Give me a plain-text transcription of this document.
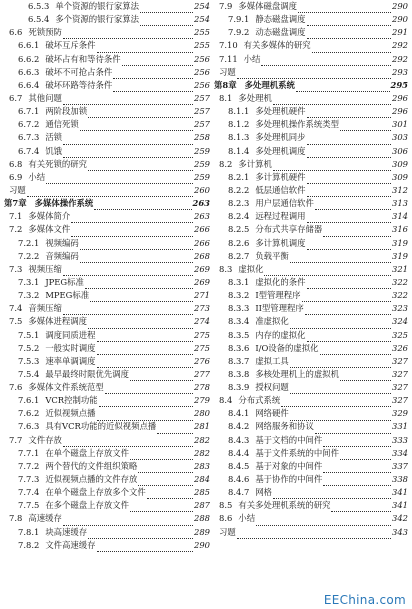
6.5.3 单个资源的银行家算法	254
6.5.4 多个资源的银行家算法	254
6.6 死锁预防	255
6.6.1 破坏互斥条件	255
6.6.2 破坏占有和等待条件	256
6.6.3 破坏不可抢占条件	256
6.6.4 破坏环路等待条件	256
6.7 其他问题	257
6.7.1 两阶段加锁	257
6.7.2 通信死锁	257
6.7.3 活锁	258
6.7.4 饥饿	259
6.8 有关死锁的研究	259
6.9 小结	259
习题	260
第7章 多媒体操作系统	263
7.1 多媒体简介	263
7.2 多媒体文件	266
7.2.1 视频编码	266
7.2.2 音频编码	268
7.3 视频压缩	269
7.3.1 JPEG标准	269
7.3.2 MPEG标准	271
7.4 音频压缩	273
7.5 多媒体进程调度	274
7.5.1 调度同质进程	275
7.5.2 一般实时调度	275
7.5.3 速率单调调度	276
7.5.4 最早最终时限优先调度	277
7.6 多媒体文件系统范型	278
7.6.1 VCR控制功能	279
7.6.2 近似视频点播	280
7.6.3 具有VCR功能的近似视频点播	281
7.7 文件存放	282
7.7.1 在单个磁盘上存放文件	282
7.7.2 两个替代的文件组织策略	283
7.7.3 近似视频点播的文件存放	284
7.7.4 在单个磁盘上存放多个文件	285
7.7.5 在多个磁盘上存放文件	287
7.8 高速缓存	288
7.8.1 块高速缓存	289
7.8.2 文件高速缓存	290
7.9 多媒体磁盘调度	290
7.9.1 静态磁盘调度	290
7.9.2 动态磁盘调度	291
7.10 有关多媒体的研究	292
7.11 小结	292
习题	293
第8章 多处理机系统	295
8.1 多处理机	296
8.1.1 多处理机硬件	296
8.1.2 多处理机操作系统类型	301
8.1.3 多处理机同步	303
8.1.4 多处理机调度	306
8.2 多计算机	309
8.2.1 多计算机硬件	309
8.2.2 低层通信软件	312
8.2.3 用户层通信软件	313
8.2.4 远程过程调用	314
8.2.5 分布式共享存储器	316
8.2.6 多计算机调度	319
8.2.7 负载平衡	319
8.3 虚拟化	321
8.3.1 虚拟化的条件	322
8.3.2 I型管理程序	322
8.3.3 II型管理程序	323
8.3.4 准虚拟化	324
8.3.5 内存的虚拟化	325
8.3.6 I/O设备的虚拟化	326
8.3.7 虚拟工具	327
8.3.8 多核处理机上的虚拟机	327
8.3.9 授权问题	327
8.4 分布式系统	327
8.4.1 网络硬件	329
8.4.2 网络服务和协议	331
8.4.3 基于文档的中间件	333
8.4.4 基于文件系统的中间件	334
8.4.5 基于对象的中间件	337
8.4.6 基于协作的中间件	338
8.4.7 网格	341
8.5 有关多处理机系统的研究	341
8.6 小结	342
习题	343
EEChina.com
